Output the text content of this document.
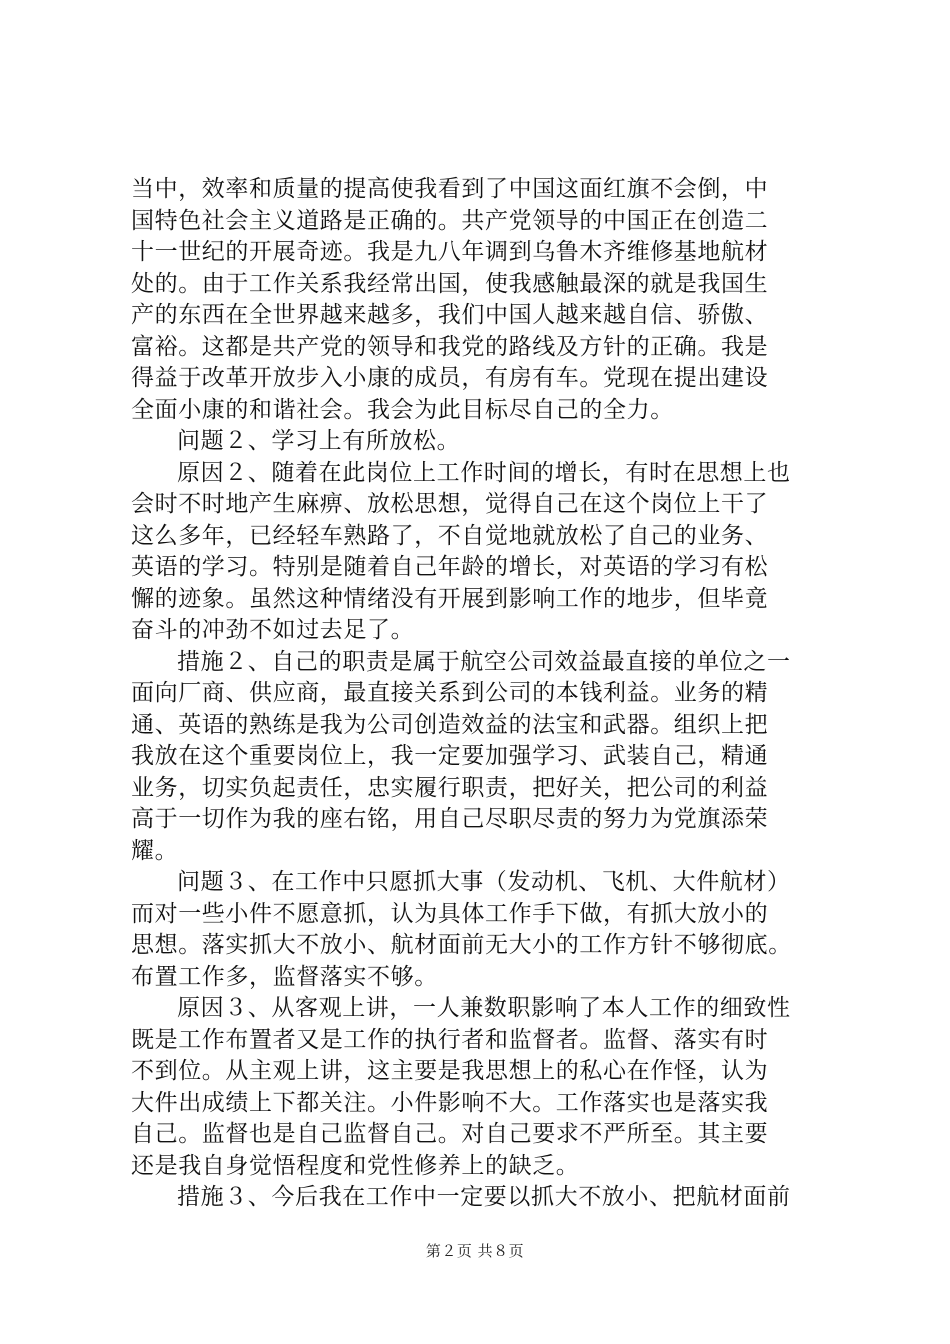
当中，效率和质量的提高使我看到了中国这面红旗不会倒，中
国特色社会主义道路是正确的。共产党领导的中国正在创造二
十一世纪的开展奇迹。我是九八年调到乌鲁木齐维修基地航材
处的。由于工作关系我经常出国，使我感触最深的就是我国生
产的东西在全世界越来越多，我们中国人越来越自信、骄傲、
富裕。这都是共产党的领导和我党的路线及方针的正确。我是
得益于改革开放步入小康的成员，有房有车。党现在提出建设
全面小康的和谐社会。我会为此目标尽自己的全力。
问题２、学习上有所放松。
原因２、随着在此岗位上工作时间的增长，有时在思想上也
会时不时地产生麻痹、放松思想，觉得自己在这个岗位上干了
这么多年，已经轻车熟路了，不自觉地就放松了自己的业务、
英语的学习。特别是随着自己年龄的增长，对英语的学习有松
懈的迹象。虽然这种情绪没有开展到影响工作的地步，但毕竟
奋斗的冲劲不如过去足了。
措施２、自己的职责是属于航空公司效益最直接的单位之一
面向厂商、供应商，最直接关系到公司的本钱利益。业务的精
通、英语的熟练是我为公司创造效益的法宝和武器。组织上把
我放在这个重要岗位上，我一定要加强学习、武装自己，精通
业务，切实负起责任，忠实履行职责，把好关，把公司的利益
高于一切作为我的座右铭，用自己尽职尽责的努力为党旗添荣
耀。
问题３、在工作中只愿抓大事（发动机、飞机、大件航材）
而对一些小件不愿意抓，认为具体工作手下做，有抓大放小的
思想。落实抓大不放小、航材面前无大小的工作方针不够彻底。
布置工作多，监督落实不够。
原因３、从客观上讲，一人兼数职影响了本人工作的细致性
既是工作布置者又是工作的执行者和监督者。监督、落实有时
不到位。从主观上讲，这主要是我思想上的私心在作怪，认为
大件出成绩上下都关注。小件影响不大。工作落实也是落实我
自己。监督也是自己监督自己。对自己要求不严所至。其主要
还是我自身觉悟程度和党性修养上的缺乏。
措施３、今后我在工作中一定要以抓大不放小、把航材面前
第２页 共８页
